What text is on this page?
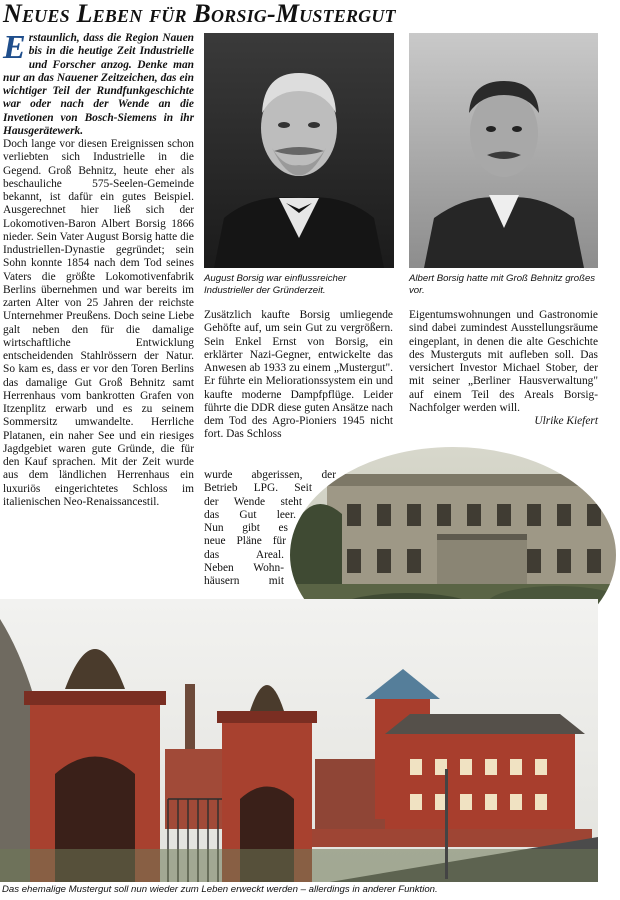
Neues Leben für Borsig-Mustergut

Erstaunlich, dass die Region Nauen bis in die heutige Zeit Industrielle und Forscher anzog. Denke man nur an das Nauener Zeitzeichen, das ein wichtiger Teil der Rundfunkgeschichte war oder nach der Wende an die Invetionen von Bosch-Siemens in ihr Hausgerätewerk.

Doch lange vor diesen Ereignissen schon verliebten sich Industrielle in die Gegend. Groß Behnitz, heute eher als beschauliche 575-Seelen-Gemeinde bekannt, ist dafür ein gutes Beispiel. Ausgerechnet hier ließ sich der Lokomotiven-Baron Albert Borsig 1866 nieder. Sein Vater August Borsig hatte die Industriellen-Dynastie gegründet; sein Sohn konnte 1854 nach dem Tod seines Vaters die größte Lokomotivenfabrik Berlins übernehmen und war bereits im zarten Alter von 25 Jahren der reichste Unternehmer Preußens. Doch seine Liebe galt neben den für die damalige wirtschaftliche Entwicklung entscheidenden Stahlrössern der Natur. So kam es, dass er vor den Toren Berlins das damalige Gut Groß Behnitz samt Herrenhaus vom bankrotten Grafen von Itzenplitz erwarb und es zu seinem Sommersitz umwandelte. Herrliche Platanen, ein naher See und ein riesiges Jagdgebiet waren gute Gründe, die für den Kauf sprachen. Mit der Zeit wurde aus dem ländlichen Herrenhaus ein luxuriös eingerichtetes Schloss im italienischen Neo-Renaissancestil.

August Borsig war einflussreicher Industrieller der Gründerzeit.
Albert Borsig hatte mit Groß Behnitz großes vor.

Zusätzlich kaufte Borsig umliegende Gehöfte auf, um sein Gut zu vergrößern. Sein Enkel Ernst von Borsig, ein erklärter Nazi-Gegner, entwickelte das Anwesen ab 1933 zu einem „Mustergut". Er führte ein Meliorationssystem ein und kaufte moderne Dampfpflüge. Leider führte die DDR diese guten Ansätze nach dem Tod des Agro-Pioniers 1945 nicht fort. Das Schloss

wurde abgerissen, der
Betrieb LPG. Seit
der Wende steht
das Gut leer.
Nun gibt es
neue Pläne für
das Areal.
Neben Wohn-
häusern mit

Eigentumswohnungen und Gastronomie sind dabei zumindest Ausstellungsräume eingeplant, in denen die alte Geschichte des Musterguts mit aufleben soll. Das versichert Investor Michael Stober, der mit seiner „Berliner Hausverwaltung" auf einem Teil des Areals Borsig-Nachfolger werden will.

Ulrike Kiefert
Das ehemalige Mustergut soll nun wieder zum Leben erweckt werden – allerdings in anderer Funktion.
